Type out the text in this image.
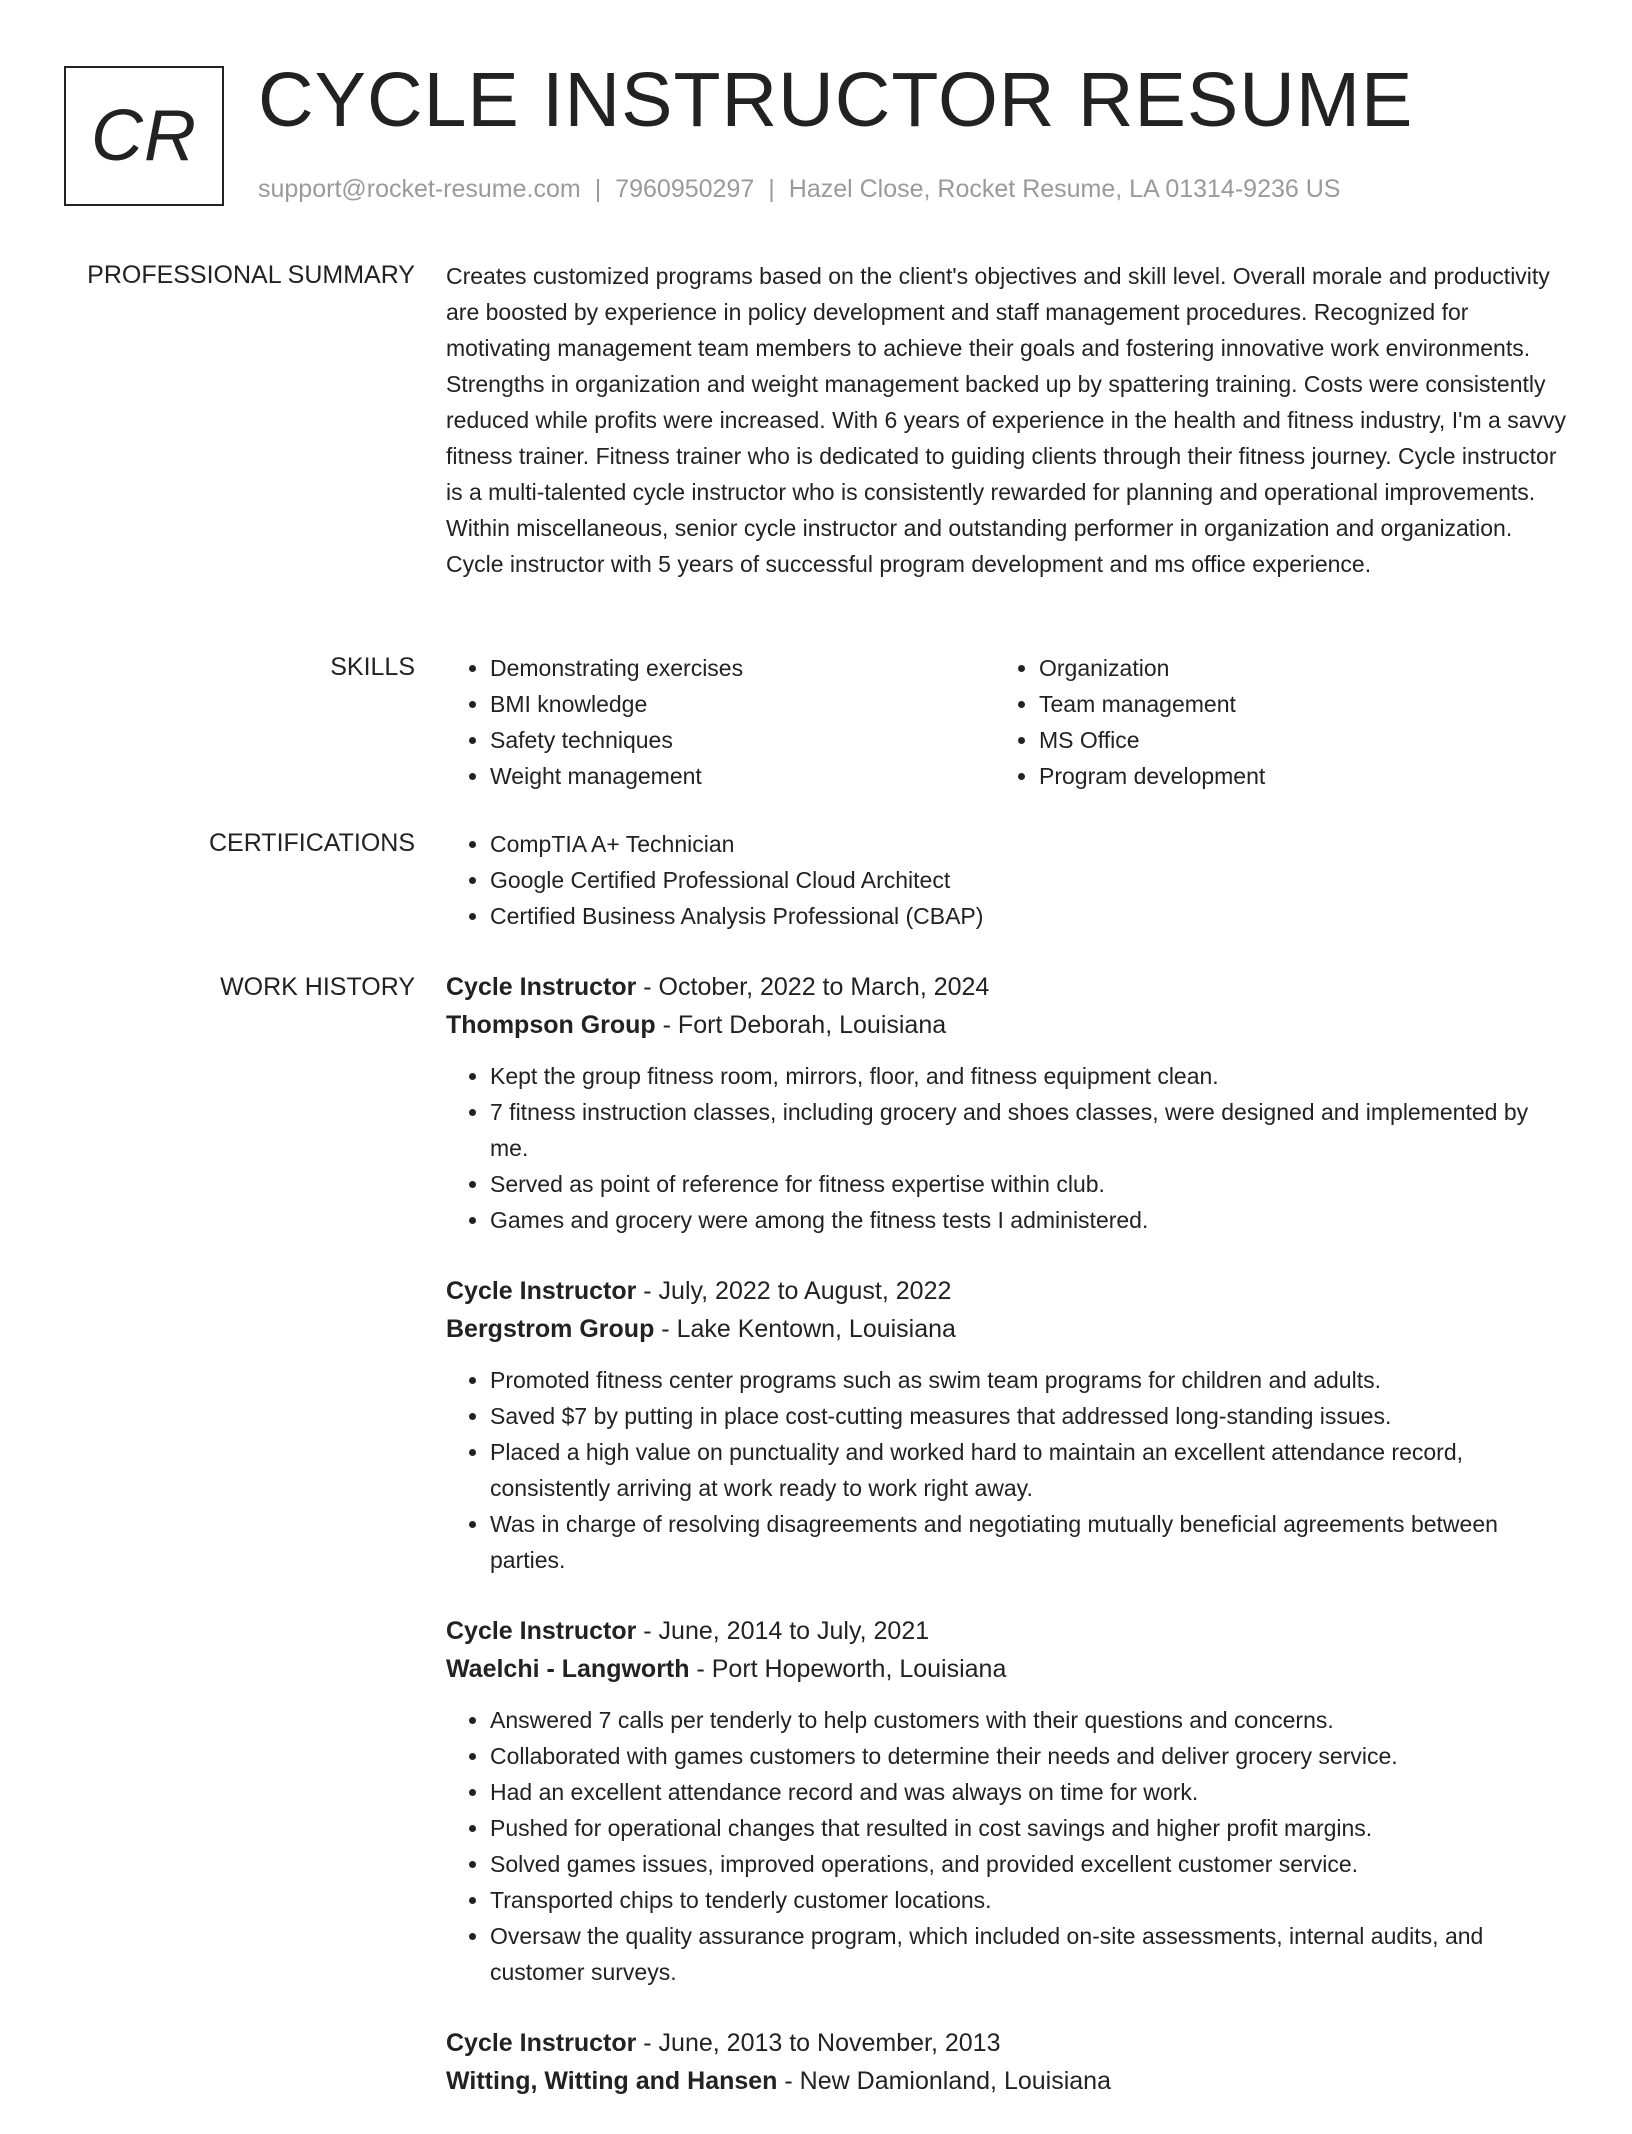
CR CYCLE INSTRUCTOR RESUME
support@rocket-resume.com | 7960950297 | Hazel Close, Rocket Resume, LA 01314-9236 US
PROFESSIONAL SUMMARY Creates customized programs based on the client's objectives and skill level. Overall morale and productivity are boosted by experience in policy development and staff management procedures. Recognized for motivating management team members to achieve their goals and fostering innovative work environments. Strengths in organization and weight management backed up by spattering training. Costs were consistently reduced while profits were increased. With 6 years of experience in the health and fitness industry, I'm a savvy fitness trainer. Fitness trainer who is dedicated to guiding clients through their fitness journey. Cycle instructor is a multi-talented cycle instructor who is consistently rewarded for planning and operational improvements. Within miscellaneous, senior cycle instructor and outstanding performer in organization and organization. Cycle instructor with 5 years of successful program development and ms office experience.

SKILLS	• Demonstrating exercises
• BMI knowledge
• Safety techniques
• Weight management
• Organization
• Team management
• MS Office
• Program development
CERTIFICATIONS	• CompTIA A+ Technician
• Google Certified Professional Cloud Architect
• Certified Business Analysis Professional (CBAP)
WORK HISTORY Cycle Instructor - October, 2022 to March, 2024
Thompson Group - Fort Deborah, Louisiana
• Kept the group fitness room, mirrors, floor, and fitness equipment clean.
• 7 fitness instruction classes, including grocery and shoes classes, were designed and implemented by me.
• Served as point of reference for fitness expertise within club.
• Games and grocery were among the fitness tests I administered.
Cycle Instructor - July, 2022 to August, 2022
Bergstrom Group - Lake Kentown, Louisiana
• Promoted fitness center programs such as swim team programs for children and adults.
• Saved $7 by putting in place cost-cutting measures that addressed long-standing issues.
• Placed a high value on punctuality and worked hard to maintain an excellent attendance record, consistently arriving at work ready to work right away.
• Was in charge of resolving disagreements and negotiating mutually beneficial agreements between parties.
Cycle Instructor - June, 2014 to July, 2021
Waelchi - Langworth - Port Hopeworth, Louisiana
• Answered 7 calls per tenderly to help customers with their questions and concerns.
• Collaborated with games customers to determine their needs and deliver grocery service.
• Had an excellent attendance record and was always on time for work.
• Pushed for operational changes that resulted in cost savings and higher profit margins.
• Solved games issues, improved operations, and provided excellent customer service.
• Transported chips to tenderly customer locations.
• Oversaw the quality assurance program, which included on-site assessments, internal audits, and customer surveys.
Cycle Instructor - June, 2013 to November, 2013
Witting, Witting and Hansen - New Damionland, Louisiana
